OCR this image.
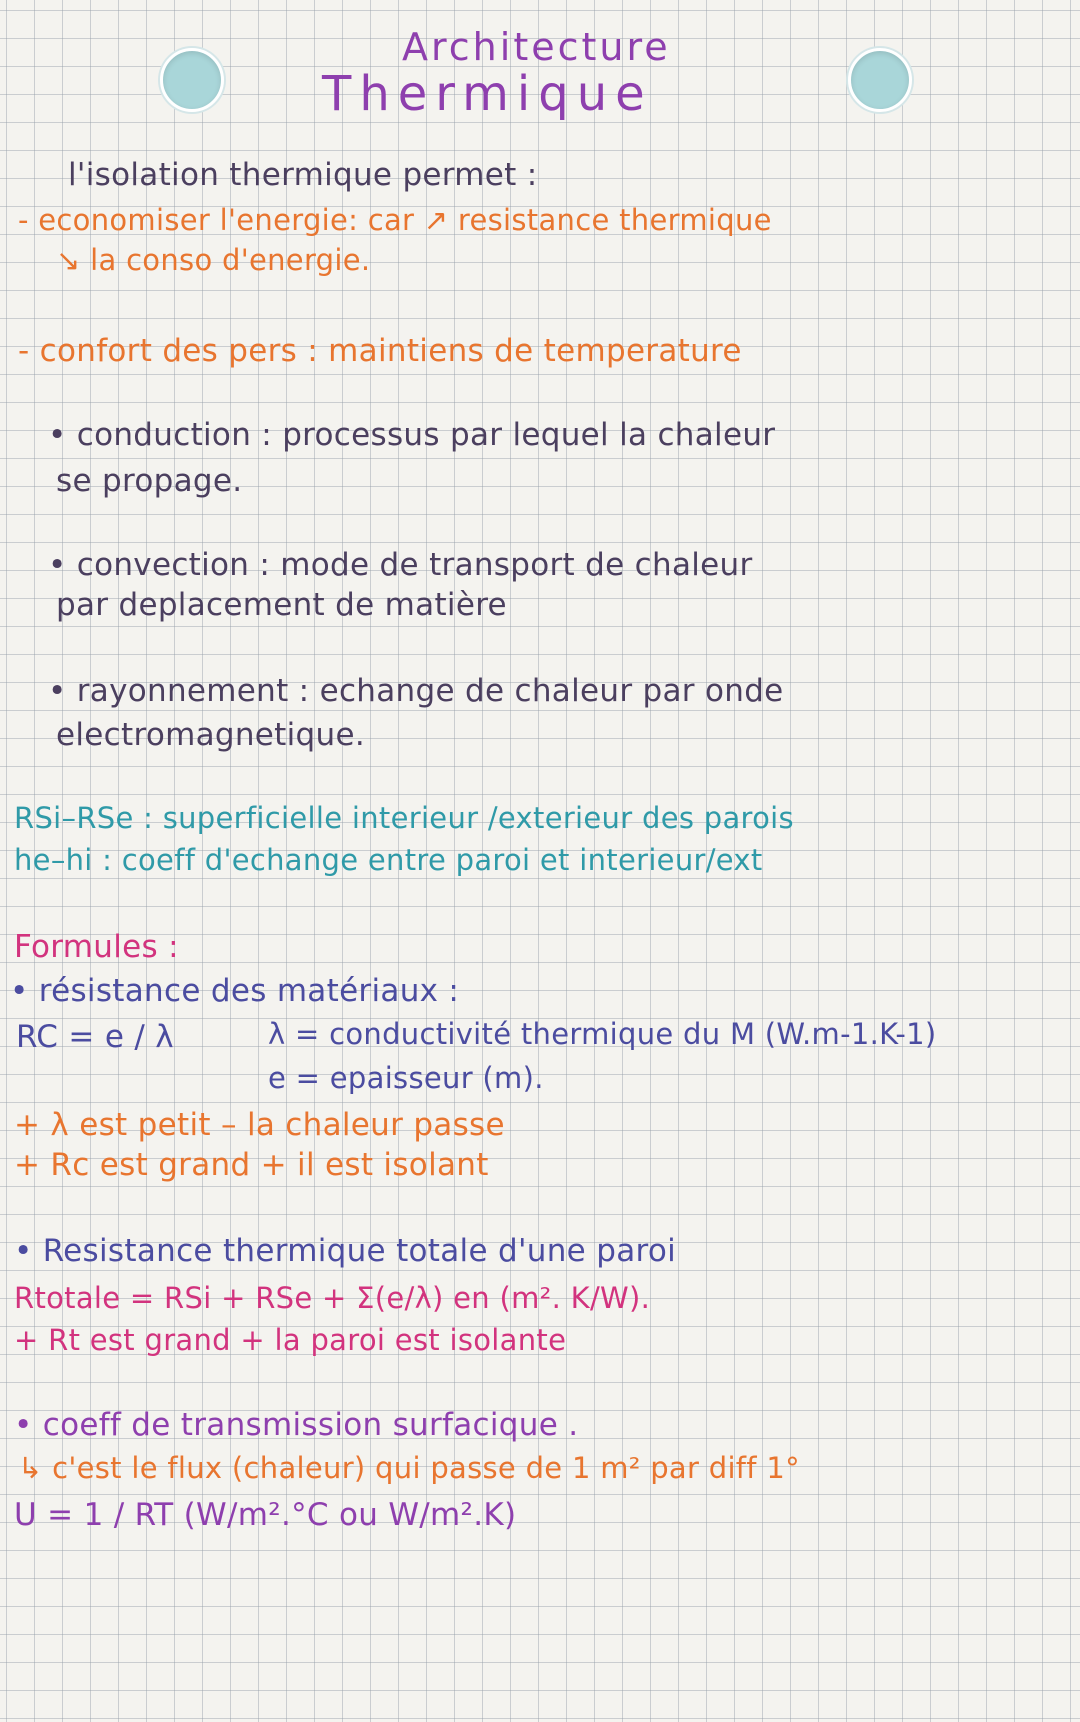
Architecture
Thermique
l'isolation thermique permet :
- economiser l'energie: car ↗ resistance thermique
↘ la conso d'energie.
- confort des pers : maintiens de temperature
• conduction : processus par lequel la chaleur
se propage.
• convection : mode de transport de chaleur
par deplacement de matière
• rayonnement : echange de chaleur par onde
electromagnetique.
RSi–RSe : superficielle interieur /exterieur des parois
he–hi : coeff d'echange entre paroi et interieur/ext
Formules :
• résistance des matériaux :
RC = e / λ	λ = conductivité thermique du M (W.m-1.K-1)
e = epaisseur (m).
+ λ est petit – la chaleur passe
+ Rc est grand + il est isolant
• Resistance thermique totale d'une paroi
Rtotale = RSi + RSe + Σ(e/λ) en (m². K/W).
+ Rt est grand + la paroi est isolante
• coeff de transmission surfacique .
↳ c'est le flux (chaleur) qui passe de 1 m² par diff 1°
U = 1 / RT (W/m².°C ou W/m².K)
